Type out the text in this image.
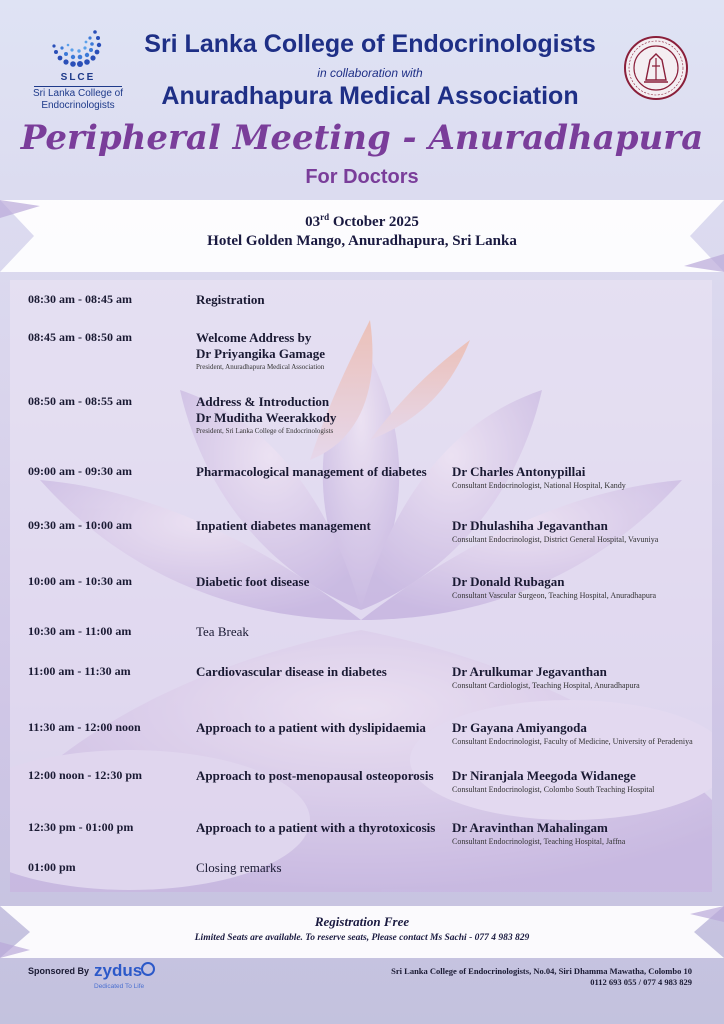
SLCE
Sri Lanka College of
Endocrinologists
Sri Lanka College of Endocrinologists
in collaboration with
Anuradhapura Medical Association
Peripheral Meeting - Anuradhapura
For Doctors
03rd October 2025
Hotel Golden Mango, Anuradhapura, Sri Lanka
08:30 am - 08:45 am	Registration
08:45 am - 08:50 am	Welcome Address by
Dr Priyangika Gamage
President, Anuradhapura Medical Association
08:50 am - 08:55 am	Address & Introduction
Dr Muditha Weerakkody
President, Sri Lanka College of Endocrinologists
09:00 am - 09:30 am	Pharmacological management of diabetes	Dr Charles Antonypillai
Consultant Endocrinologist, National Hospital, Kandy
09:30 am - 10:00 am	Inpatient diabetes management	Dr Dhulashiha Jegavanthan
Consultant Endocrinologist, District General Hospital, Vavuniya
10:00 am - 10:30 am	Diabetic foot disease	Dr Donald Rubagan
Consultant Vascular Surgeon, Teaching Hospital, Anuradhapura
10:30 am - 11:00 am	Tea Break
11:00 am - 11:30 am	Cardiovascular disease in diabetes	Dr Arulkumar Jegavanthan
Consultant Cardiologist, Teaching Hospital, Anuradhapura
11:30 am - 12:00 noon	Approach to a patient with dyslipidaemia	Dr Gayana Amiyangoda
Consultant Endocrinologist, Faculty of Medicine, University of Peradeniya
12:00 noon - 12:30 pm	Approach to post-menopausal osteoporosis	Dr Niranjala Meegoda Widanege
Consultant Endocrinologist, Colombo South Teaching Hospital
12:30 pm - 01:00 pm	Approach to a patient with a thyrotoxicosis	Dr Aravinthan Mahalingam
Consultant Endocrinologist, Teaching Hospital, Jaffna
01:00 pm	Closing remarks
Registration Free
Limited Seats are available. To reserve seats, Please contact Ms Sachi - 077 4 983 829
Sponsored By zydus
Dedicated To Life
Sri Lanka College of Endocrinologists, No.04, Siri Dhamma Mawatha, Colombo 10
0112 693 055 / 077 4 983 829
